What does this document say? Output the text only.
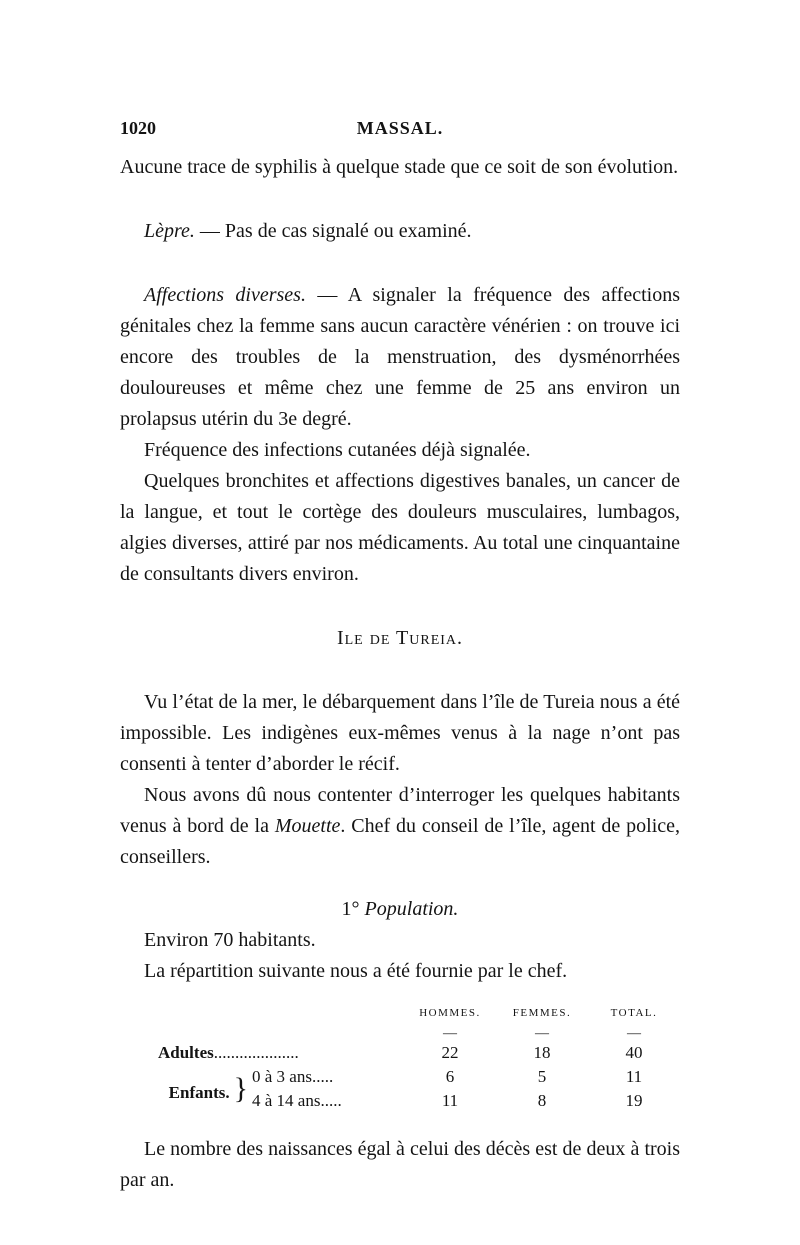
1020	MASSAL.

Aucune trace de syphilis à quelque stade que ce soit de son évolution.

Lèpre. — Pas de cas signalé ou examiné.

Affections diverses. — A signaler la fréquence des affections génitales chez la femme sans aucun caractère vénérien : on trouve ici encore des troubles de la menstruation, des dysménorrhées douloureuses et même chez une femme de 25 ans environ un prolapsus utérin du 3e degré.

Fréquence des infections cutanées déjà signalée.

Quelques bronchites et affections digestives banales, un cancer de la langue, et tout le cortège des douleurs musculaires, lumbagos, algies diverses, attiré par nos médicaments. Au total une cinquantaine de consultants divers environ.

Ile de Tureia.

Vu l’état de la mer, le débarquement dans l’île de Tureia nous a été impossible. Les indigènes eux-mêmes venus à la nage n’ont pas consenti à tenter d’aborder le récif.

Nous avons dû nous contenter d’interroger les quelques habitants venus à bord de la Mouette. Chef du conseil de l’île, agent de police, conseillers.

1° Population.

Environ 70 habitants.

La répartition suivante nous a été fournie par le chef.

		HOMMES.	FEMMES.	TOTAL.
		—	—	—
Adultes....................		22	18	40
Enfants. }	0 à 3 ans.....	6	5	11
	4 à 14 ans.....	11	8	19

Le nombre des naissances égal à celui des décès est de deux à trois par an.
